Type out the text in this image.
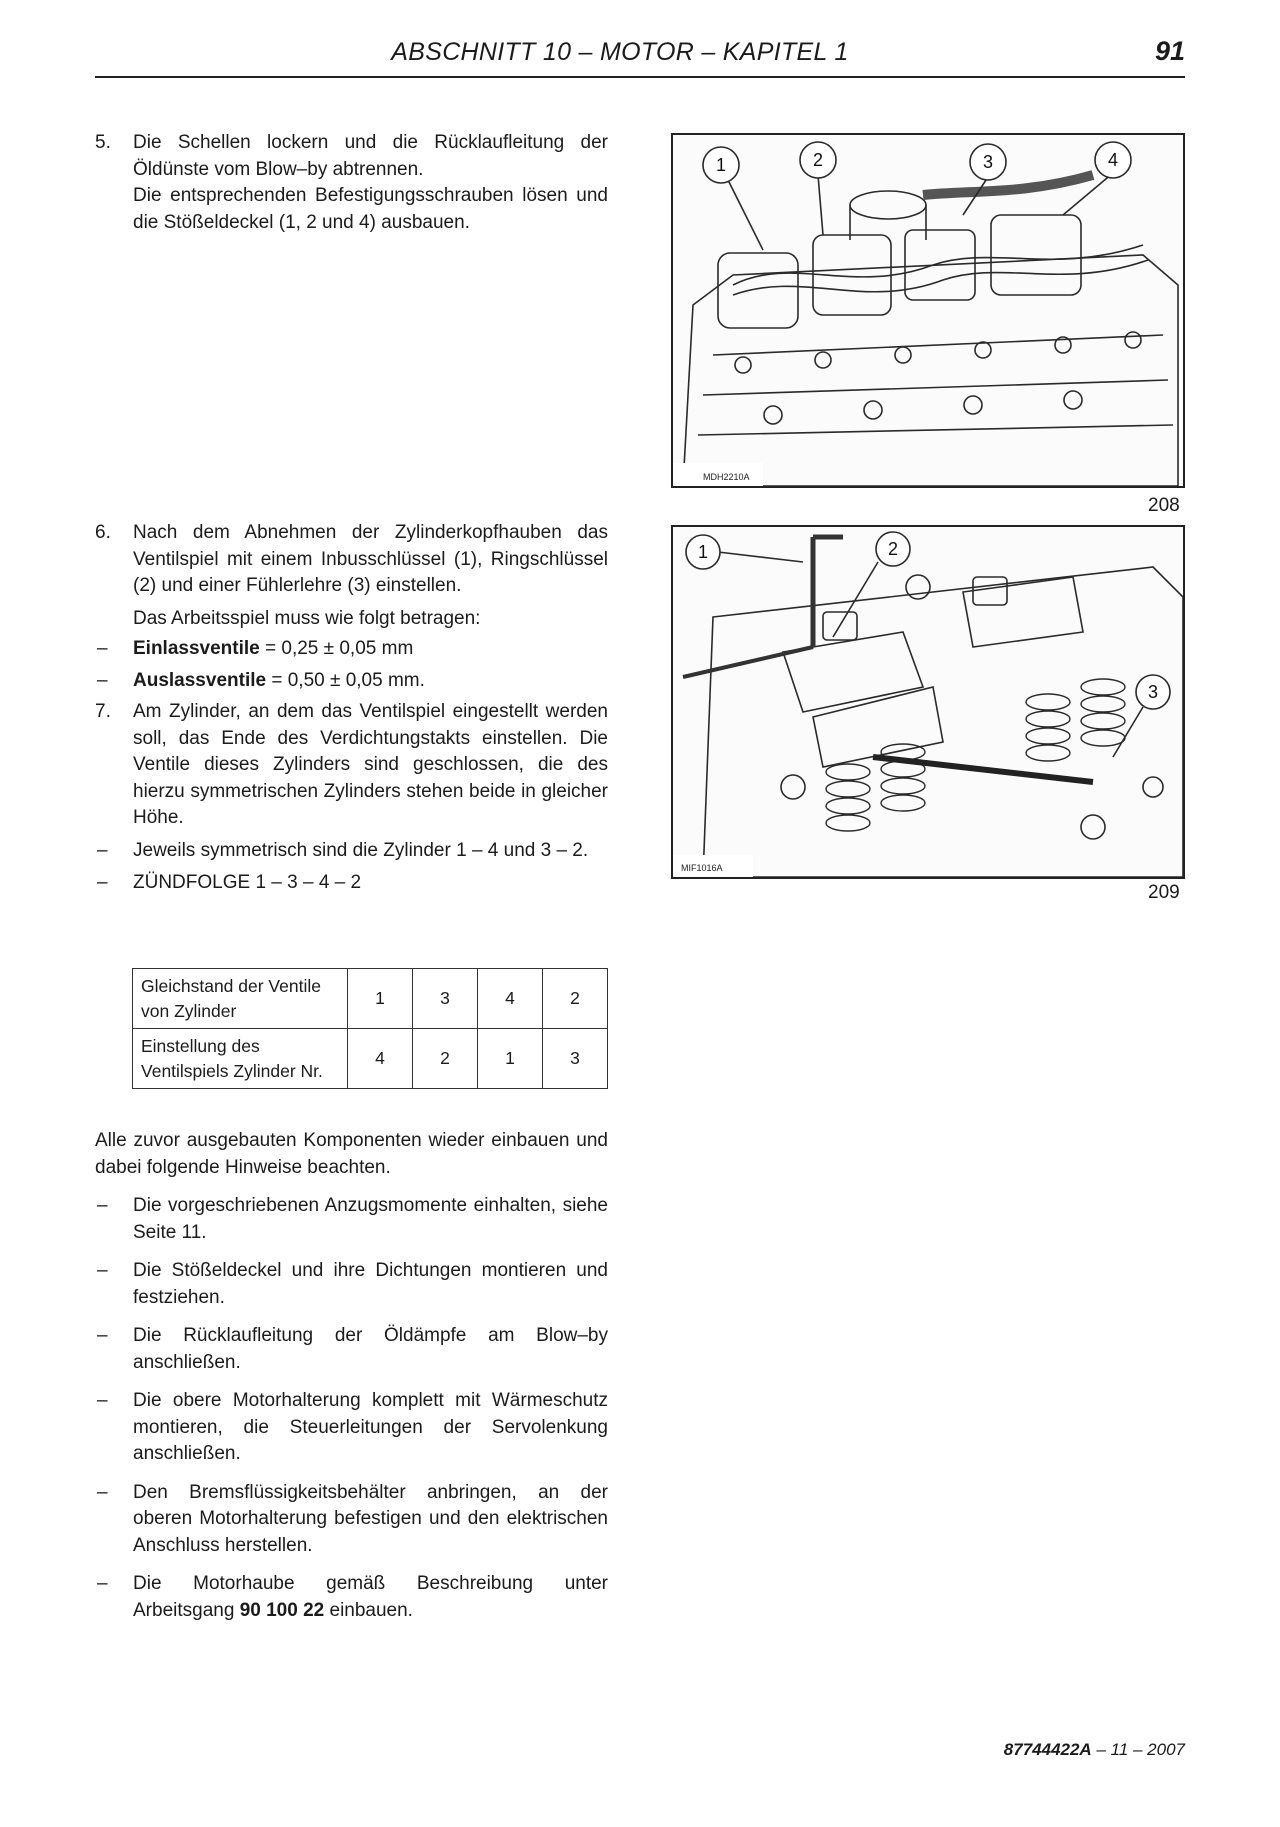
ABSCHNITT 10 – MOTOR – KAPITEL 1	91
5. Die Schellen lockern und die Rücklaufleitung der Öldünste vom Blow–by abtrennen.

Die entsprechenden Befestigungsschrauben lösen und die Stößeldeckel (1, 2 und 4) ausbauen.

6. Nach dem Abnehmen der Zylinderkopfhauben das Ventilspiel mit einem Inbusschlüssel (1), Ringschlüssel (2) und einer Fühlerlehre (3) einstellen.

Das Arbeitsspiel muss wie folgt betragen:

– Einlassventile = 0,25 ± 0,05 mm
– Auslassventile = 0,50 ± 0,05 mm.
7. Am Zylinder, an dem das Ventilspiel eingestellt werden soll, das Ende des Verdichtungstakts einstellen. Die Ventile dieses Zylinders sind geschlossen, die des hierzu symmetrischen Zylinders stehen beide in gleicher Höhe.

– Jeweils symmetrisch sind die Zylinder 1 – 4 und 3 – 2.
– ZÜNDFOLGE 1 – 3 – 4 – 2
Gleichstand der Ventile von Zylinder	1	3	4	2
Einstellung des Ventilspiels Zylinder Nr.	4	2	1	3

Alle zuvor ausgebauten Komponenten wieder einbauen und dabei folgende Hinweise beachten.

– Die vorgeschriebenen Anzugsmomente einhalten, siehe Seite 11.
– Die Stößeldeckel und ihre Dichtungen montieren und festziehen.
– Die Rücklaufleitung der Öldämpfe am Blow–by anschließen.
– Die obere Motorhalterung komplett mit Wärmeschutz montieren, die Steuerleitungen der Servolenkung anschließen.
– Den Bremsflüssigkeitsbehälter anbringen, an der oberen Motorhalterung befestigen und den elektrischen Anschluss herstellen.
– Die Motorhaube gemäß Beschreibung unter Arbeitsgang 90 100 22 einbauen.
1	2	3	4
MDH2210A
208
1	2
3
MIF1016A
209
87744422A – 11 – 2007
